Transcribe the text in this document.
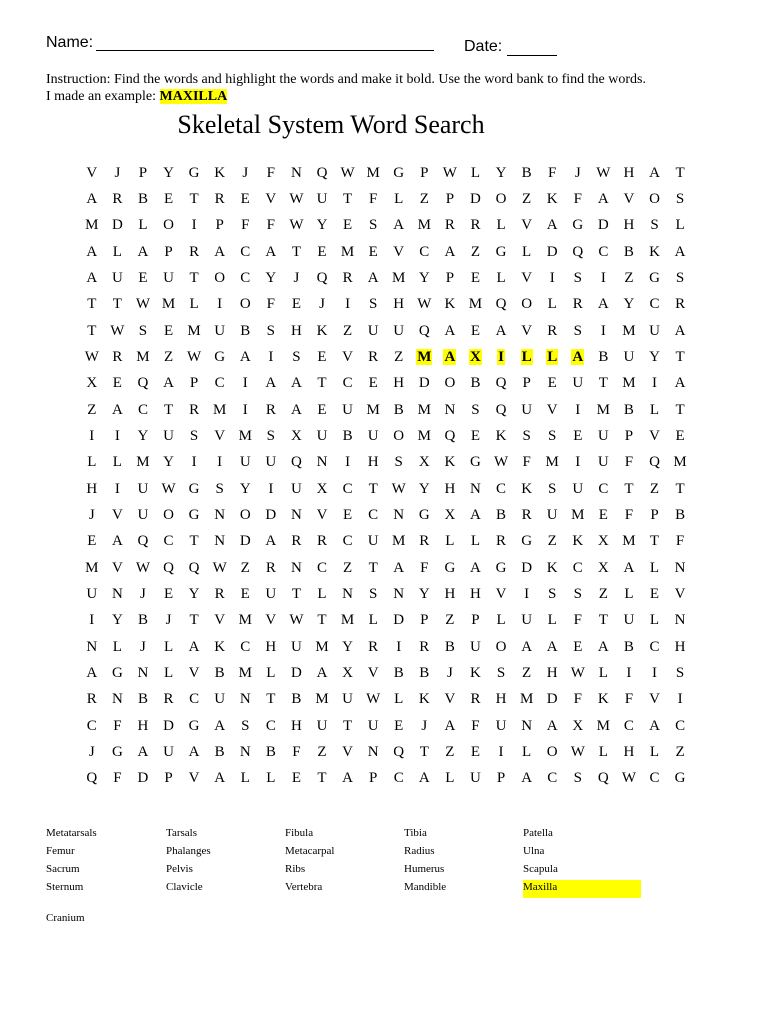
Name:	Date:
Instruction: Find the words and highlight the words and make it bold. Use the word bank to find the words.
I made an example: MAXILLA
Skeletal System Word Search
V	J	P	Y G K	J	F	N Q W M G	P W L	Y	B	F	J	W H A	T
A	R	B	E	T	R	E	V W U	T	F	L	Z	P	D O	Z	K	F	A V O	S
M D	L	O	I	P	F	F W Y	E	S	A M R	R	L	V A G D H	S	L
A	L	A	P	R	A	C	A	T	E M E	V	C	A	Z	G	L	D Q	C	B	K A
A U	E	U	T	O	C	Y	J	Q	R	A M Y	P	E	L	V	I	S	I	Z	G	S
T	T W M L	I	O	F	E	J	I	S	H W K M Q O	L	R	A Y	C	R
T W S	E M U	B	S	H K	Z	U U Q A	E	A V	R	S	I	M U A
W R M Z W G A	I	S	E	V	R	Z M A X	I	L	L	A	B	U Y	T
X	E	Q A	P	C	I	A A	T	C	E	H D O	B	Q	P	E	U	T M	I	A
Z	A	C	T	R M	I	R	A	E	U M B M N	S	Q U V	I	M B	L	T
I	I	Y U	S	V M S	X U	B	U O M Q	E	K	S	S	E	U	P	V	E
L	L M Y	I	I	U U Q N	I	H	S	X K G W F M	I	U	F	Q M
H	I	U W G	S	Y	I	U X	C	T W Y H N	C	K	S	U	C	T	Z	T
J	V U O G N O D N V	E	C	N G X A	B	R	U M E	F	P	B
E	A Q	C	T	N D A	R	R	C	U M R	L	L	R	G	Z	K X M T	F
M V W Q Q W Z	R	N	C	Z	T	A	F	G A G D K	C	X A	L	N
U N	J	E	Y	R	E	U	T	L	N	S	N Y H H V	I	S	S	Z	L	E	V
I	Y	B	J	T	V M V W T M L	D	P	Z	P	L	U	L	F	T	U	L	N
N	L	J	L	A K	C	H U M Y	R	I	R	B	U O A A	E	A	B	C	H
A G N	L	V	B M L	D A X V	B	B	J	K	S	Z	H W L	I	I	S
R	N	B	R	C	U N	T	B M U W L	K V	R	H M D	F	K	F	V	I
C	F	H D G A	S	C	H U	T	U	E	J	A	F	U N A X M C	A	C
J	G A U A	B	N	B	F	Z	V N Q	T	Z	E	I	L	O W L	H	L	Z
Q	F	D	P	V A	L	L	E	T	A	P	C	A	L	U	P	A	C	S	Q W C	G
Metatarsals
Femur
Sacrum
Sternum
Tarsals
Phalanges
Pelvis
Clavicle
Fibula
Metacarpal
Ribs
Vertebra
Tibia
Radius
Humerus
Mandible
Patella
Ulna
Scapula
Maxilla
Cranium
